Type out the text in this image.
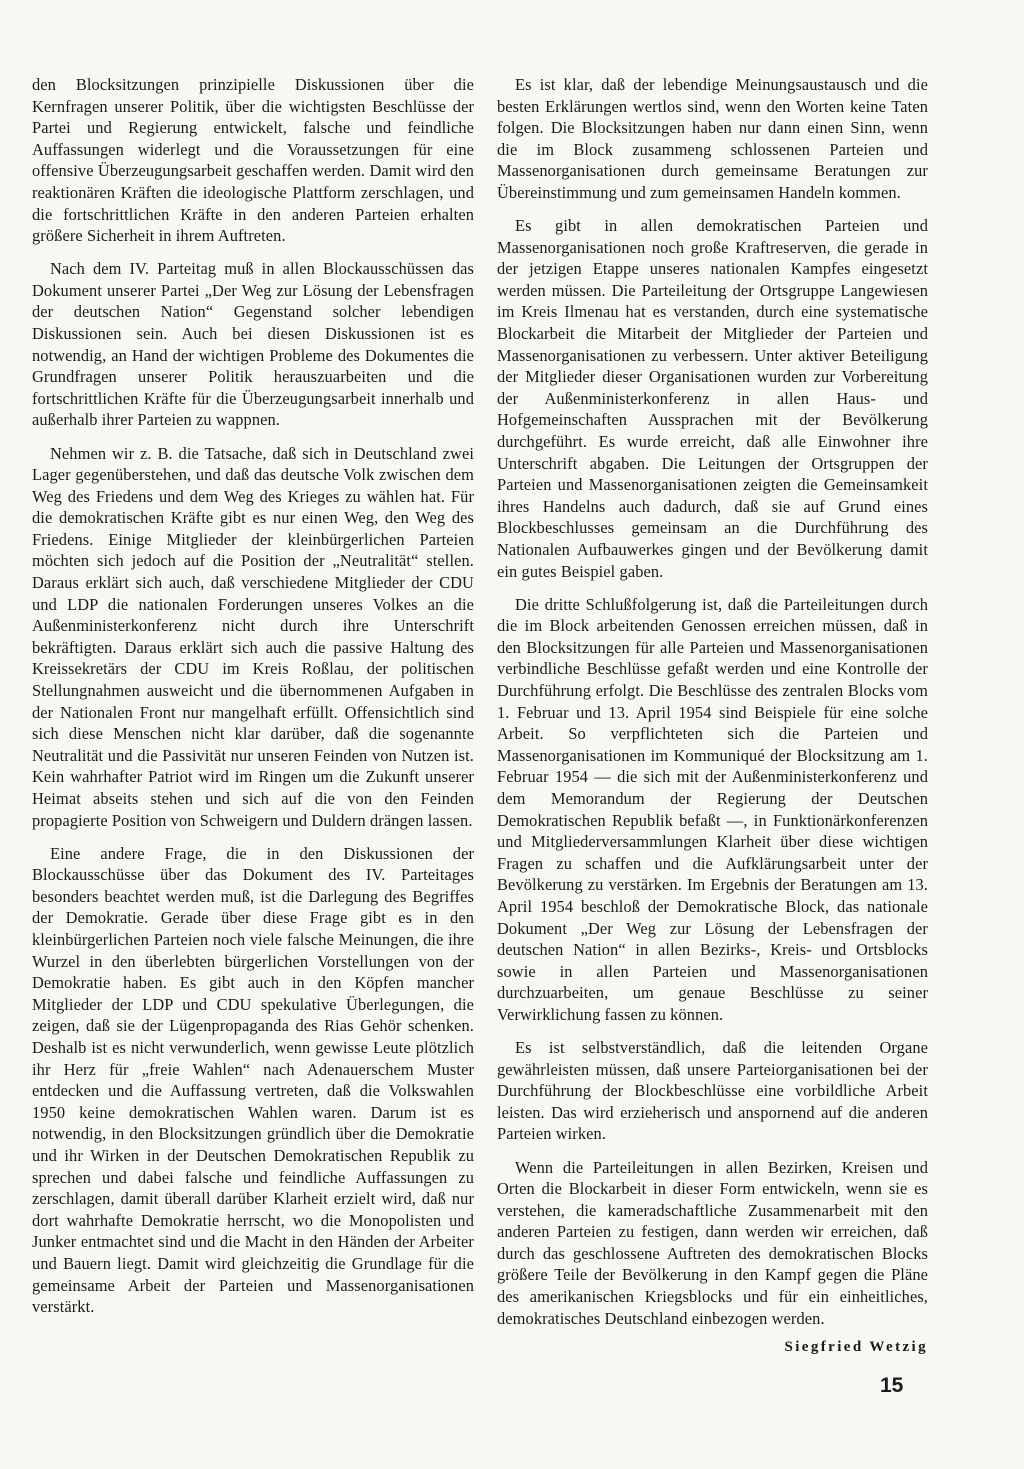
den Blocksitzungen prinzipielle Diskussionen über die Kernfragen unserer Politik, über die wichtigsten Beschlüsse der Partei und Regierung entwickelt, falsche und feindliche Auffassungen widerlegt und die Voraussetzungen für eine offensive Überzeugungsarbeit geschaffen werden. Damit wird den reaktionären Kräften die ideologische Plattform zerschlagen, und die fortschrittlichen Kräfte in den anderen Parteien erhalten größere Sicherheit in ihrem Auftreten.

Nach dem IV. Parteitag muß in allen Blockausschüssen das Dokument unserer Partei „Der Weg zur Lösung der Lebensfragen der deutschen Nation“ Gegenstand solcher lebendigen Diskussionen sein. Auch bei diesen Diskussionen ist es notwendig, an Hand der wichtigen Probleme des Dokumentes die Grundfragen unserer Politik herauszuarbeiten und die fortschrittlichen Kräfte für die Überzeugungsarbeit innerhalb und außerhalb ihrer Parteien zu wappnen.

Nehmen wir z. B. die Tatsache, daß sich in Deutschland zwei Lager gegenüberstehen, und daß das deutsche Volk zwischen dem Weg des Friedens und dem Weg des Krieges zu wählen hat. Für die demokratischen Kräfte gibt es nur einen Weg, den Weg des Friedens. Einige Mitglieder der kleinbürgerlichen Parteien möchten sich jedoch auf die Position der „Neutralität“ stellen. Daraus erklärt sich auch, daß verschiedene Mitglieder der CDU und LDP die nationalen Forderungen unseres Volkes an die Außenministerkonferenz nicht durch ihre Unterschrift bekräftigten. Daraus erklärt sich auch die passive Haltung des Kreissekretärs der CDU im Kreis Roßlau, der politischen Stellungnahmen ausweicht und die übernommenen Aufgaben in der Nationalen Front nur mangelhaft erfüllt. Offensichtlich sind sich diese Menschen nicht klar darüber, daß die sogenannte Neutralität und die Passivität nur unseren Feinden von Nutzen ist. Kein wahrhafter Patriot wird im Ringen um die Zukunft unserer Heimat abseits stehen und sich auf die von den Feinden propagierte Position von Schweigern und Duldern drängen lassen.

Eine andere Frage, die in den Diskussionen der Blockausschüsse über das Dokument des IV. Parteitages besonders beachtet werden muß, ist die Darlegung des Begriffes der Demokratie. Gerade über diese Frage gibt es in den kleinbürgerlichen Parteien noch viele falsche Meinungen, die ihre Wurzel in den überlebten bürgerlichen Vorstellungen von der Demokratie haben. Es gibt auch in den Köpfen mancher Mitglieder der LDP und CDU spekulative Überlegungen, die zeigen, daß sie der Lügenpropaganda des Rias Gehör schenken. Deshalb ist es nicht verwunderlich, wenn gewisse Leute plötzlich ihr Herz für „freie Wahlen“ nach Adenauerschem Muster entdecken und die Auffassung vertreten, daß die Volkswahlen 1950 keine demokratischen Wahlen waren. Darum ist es notwendig, in den Blocksitzungen gründlich über die Demokratie und ihr Wirken in der Deutschen Demokratischen Republik zu sprechen und dabei falsche und feindliche Auffassungen zu zerschlagen, damit überall darüber Klarheit erzielt wird, daß nur dort wahrhafte Demokratie herrscht, wo die Monopolisten und Junker entmachtet sind und die Macht in den Händen der Arbeiter und Bauern liegt. Damit wird gleichzeitig die Grundlage für die gemeinsame Arbeit der Parteien und Massenorganisationen verstärkt.

Es ist klar, daß der lebendige Meinungsaustausch und die besten Erklärungen wertlos sind, wenn den Worten keine Taten folgen. Die Blocksitzungen haben nur dann einen Sinn, wenn die im Block zusammeng schlossenen Parteien und Massenorganisationen durch gemeinsame Beratungen zur Übereinstimmung und zum gemeinsamen Handeln kommen.

Es gibt in allen demokratischen Parteien und Massenorganisationen noch große Kraftreserven, die gerade in der jetzigen Etappe unseres nationalen Kampfes eingesetzt werden müssen. Die Parteileitung der Ortsgruppe Langewiesen im Kreis Ilmenau hat es verstanden, durch eine systematische Blockarbeit die Mitarbeit der Mitglieder der Parteien und Massenorganisationen zu verbessern. Unter aktiver Beteiligung der Mitglieder dieser Organisationen wurden zur Vorbereitung der Außenministerkonferenz in allen Haus- und Hofgemeinschaften Aussprachen mit der Bevölkerung durchgeführt. Es wurde erreicht, daß alle Einwohner ihre Unterschrift abgaben. Die Leitungen der Ortsgruppen der Parteien und Massenorganisationen zeigten die Gemeinsamkeit ihres Handelns auch dadurch, daß sie auf Grund eines Blockbeschlusses gemeinsam an die Durchführung des Nationalen Aufbauwerkes gingen und der Bevölkerung damit ein gutes Beispiel gaben.

Die dritte Schlußfolgerung ist, daß die Parteileitungen durch die im Block arbeitenden Genossen erreichen müssen, daß in den Blocksitzungen für alle Parteien und Massenorganisationen verbindliche Beschlüsse gefaßt werden und eine Kontrolle der Durchführung erfolgt. Die Beschlüsse des zentralen Blocks vom 1. Februar und 13. April 1954 sind Beispiele für eine solche Arbeit. So verpflichteten sich die Parteien und Massenorganisationen im Kommuniqué der Blocksitzung am 1. Februar 1954 — die sich mit der Außenministerkonferenz und dem Memorandum der Regierung der Deutschen Demokratischen Republik befaßt —, in Funktionärkonferenzen und Mitgliederversammlungen Klarheit über diese wichtigen Fragen zu schaffen und die Aufklärungsarbeit unter der Bevölkerung zu verstärken. Im Ergebnis der Beratungen am 13. April 1954 beschloß der Demokratische Block, das nationale Dokument „Der Weg zur Lösung der Lebensfragen der deutschen Nation“ in allen Bezirks-, Kreis- und Ortsblocks sowie in allen Parteien und Massenorganisationen durchzuarbeiten, um genaue Beschlüsse zu seiner Verwirklichung fassen zu können.

Es ist selbstverständlich, daß die leitenden Organe gewährleisten müssen, daß unsere Parteiorganisationen bei der Durchführung der Blockbeschlüsse eine vorbildliche Arbeit leisten. Das wird erzieherisch und anspornend auf die anderen Parteien wirken.

Wenn die Parteileitungen in allen Bezirken, Kreisen und Orten die Blockarbeit in dieser Form entwickeln, wenn sie es verstehen, die kameradschaftliche Zusammenarbeit mit den anderen Parteien zu festigen, dann werden wir erreichen, daß durch das geschlossene Auftreten des demokratischen Blocks größere Teile der Bevölkerung in den Kampf gegen die Pläne des amerikanischen Kriegsblocks und für ein einheitliches, demokratisches Deutschland einbezogen werden.

Siegfried Wetzig
15
